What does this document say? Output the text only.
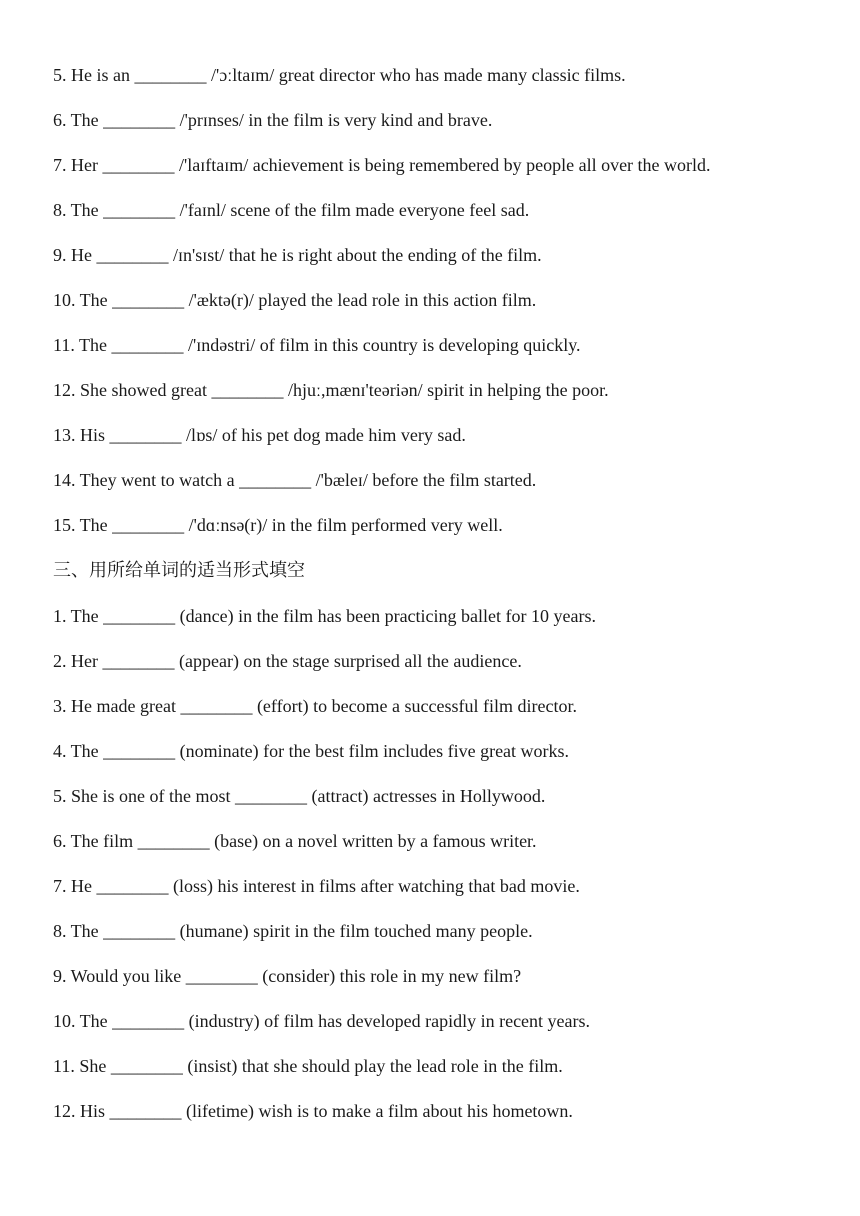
5. He is an ________ /'ɔːltaɪm/ great director who has made many classic films.
6. The ________ /'prɪnses/ in the film is very kind and brave.
7. Her ________ /'laɪftaɪm/ achievement is being remembered by people all over the world.
8. The ________ /'faɪnl/ scene of the film made everyone feel sad.
9. He ________ /ɪn'sɪst/ that he is right about the ending of the film.
10. The ________ /'æktə(r)/ played the lead role in this action film.
11. The ________ /'ɪndəstri/ of film in this country is developing quickly.
12. She showed great ________ /hjuː,mænɪ'teəriən/ spirit in helping the poor.
13. His ________ /lɒs/ of his pet dog made him very sad.
14. They went to watch a ________ /'bæleɪ/ before the film started.
15. The ________ /'dɑːnsə(r)/ in the film performed very well.
三、用所给单词的适当形式填空
1. The ________ (dance) in the film has been practicing ballet for 10 years.
2. Her ________ (appear) on the stage surprised all the audience.
3. He made great ________ (effort) to become a successful film director.
4. The ________ (nominate) for the best film includes five great works.
5. She is one of the most ________ (attract) actresses in Hollywood.
6. The film ________ (base) on a novel written by a famous writer.
7. He ________ (loss) his interest in films after watching that bad movie.
8. The ________ (humane) spirit in the film touched many people.
9. Would you like ________ (consider) this role in my new film?
10. The ________ (industry) of film has developed rapidly in recent years.
11. She ________ (insist) that she should play the lead role in the film.
12. His ________ (lifetime) wish is to make a film about his hometown.
